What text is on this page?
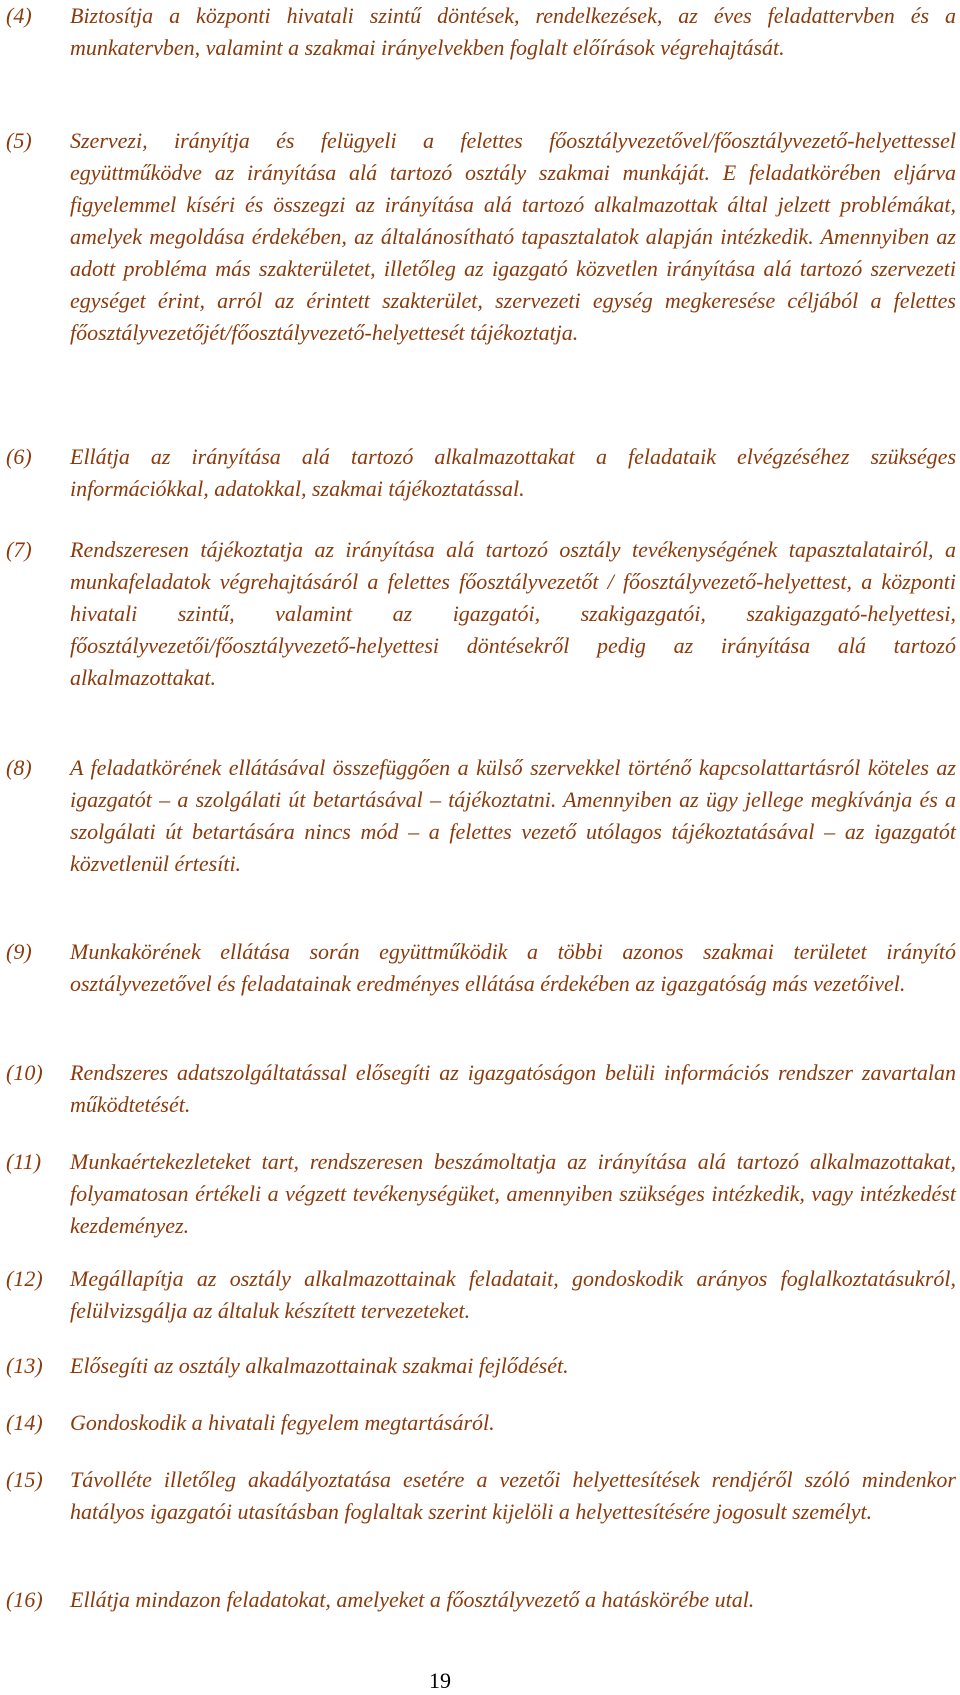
(4) Biztosítja a központi hivatali szintű döntések, rendelkezések, az éves feladattervben és a munkatervben, valamint a szakmai irányelvekben foglalt előírások végrehajtását.
(5) Szervezi, irányítja és felügyeli a felettes főosztályvezetővel/főosztályvezető-helyettessel együttműködve az irányítása alá tartozó osztály szakmai munkáját. E feladatkörében eljárva figyelemmel kíséri és összegzi az irányítása alá tartozó alkalmazottak által jelzett problémákat, amelyek megoldása érdekében, az általánosítható tapasztalatok alapján intézkedik. Amennyiben az adott probléma más szakterületet, illetőleg az igazgató közvetlen irányítása alá tartozó szervezeti egységet érint, arról az érintett szakterület, szervezeti egység megkeresése céljából a felettes főosztályvezetőjét/főosztályvezető-helyettesét tájékoztatja.
(6) Ellátja az irányítása alá tartozó alkalmazottakat a feladataik elvégzéséhez szükséges információkkal, adatokkal, szakmai tájékoztatással.
(7) Rendszeresen tájékoztatja az irányítása alá tartozó osztály tevékenységének tapasztalatairól, a munkafeladatok végrehajtásáról a felettes főosztályvezetőt / főosztályvezető-helyettest, a központi hivatali szintű, valamint az igazgatói, szakigazgatói, szakigazgató-helyettesi, főosztályvezetői/főosztályvezető-helyettesi döntésekről pedig az irányítása alá tartozó alkalmazottakat.
(8) A feladatkörének ellátásával összefüggően a külső szervekkel történő kapcsolattartásról köteles az igazgatót – a szolgálati út betartásával – tájékoztatni. Amennyiben az ügy jellege megkívánja és a szolgálati út betartására nincs mód – a felettes vezető utólagos tájékoztatásával – az igazgatót közvetlenül értesíti.
(9) Munkakörének ellátása során együttműködik a többi azonos szakmai területet irányító osztályvezetővel és feladatainak eredményes ellátása érdekében az igazgatóság más vezetőivel.
(10) Rendszeres adatszolgáltatással elősegíti az igazgatóságon belüli információs rendszer zavartalan működtetését.
(11) Munkaértekezleteket tart, rendszeresen beszámoltatja az irányítása alá tartozó alkalmazottakat, folyamatosan értékeli a végzett tevékenységüket, amennyiben szükséges intézkedik, vagy intézkedést kezdeményez.
(12) Megállapítja az osztály alkalmazottainak feladatait, gondoskodik arányos foglalkoztatásukról, felülvizsgálja az általuk készített tervezeteket.
(13) Elősegíti az osztály alkalmazottainak szakmai fejlődését.
(14) Gondoskodik a hivatali fegyelem megtartásáról.
(15) Távolléte illetőleg akadályoztatása esetére a vezetői helyettesítések rendjéről szóló mindenkor hatályos igazgatói utasításban foglaltak szerint kijelöli a helyettesítésére jogosult személyt.
(16) Ellátja mindazon feladatokat, amelyeket a főosztályvezető a hatáskörébe utal.
19
